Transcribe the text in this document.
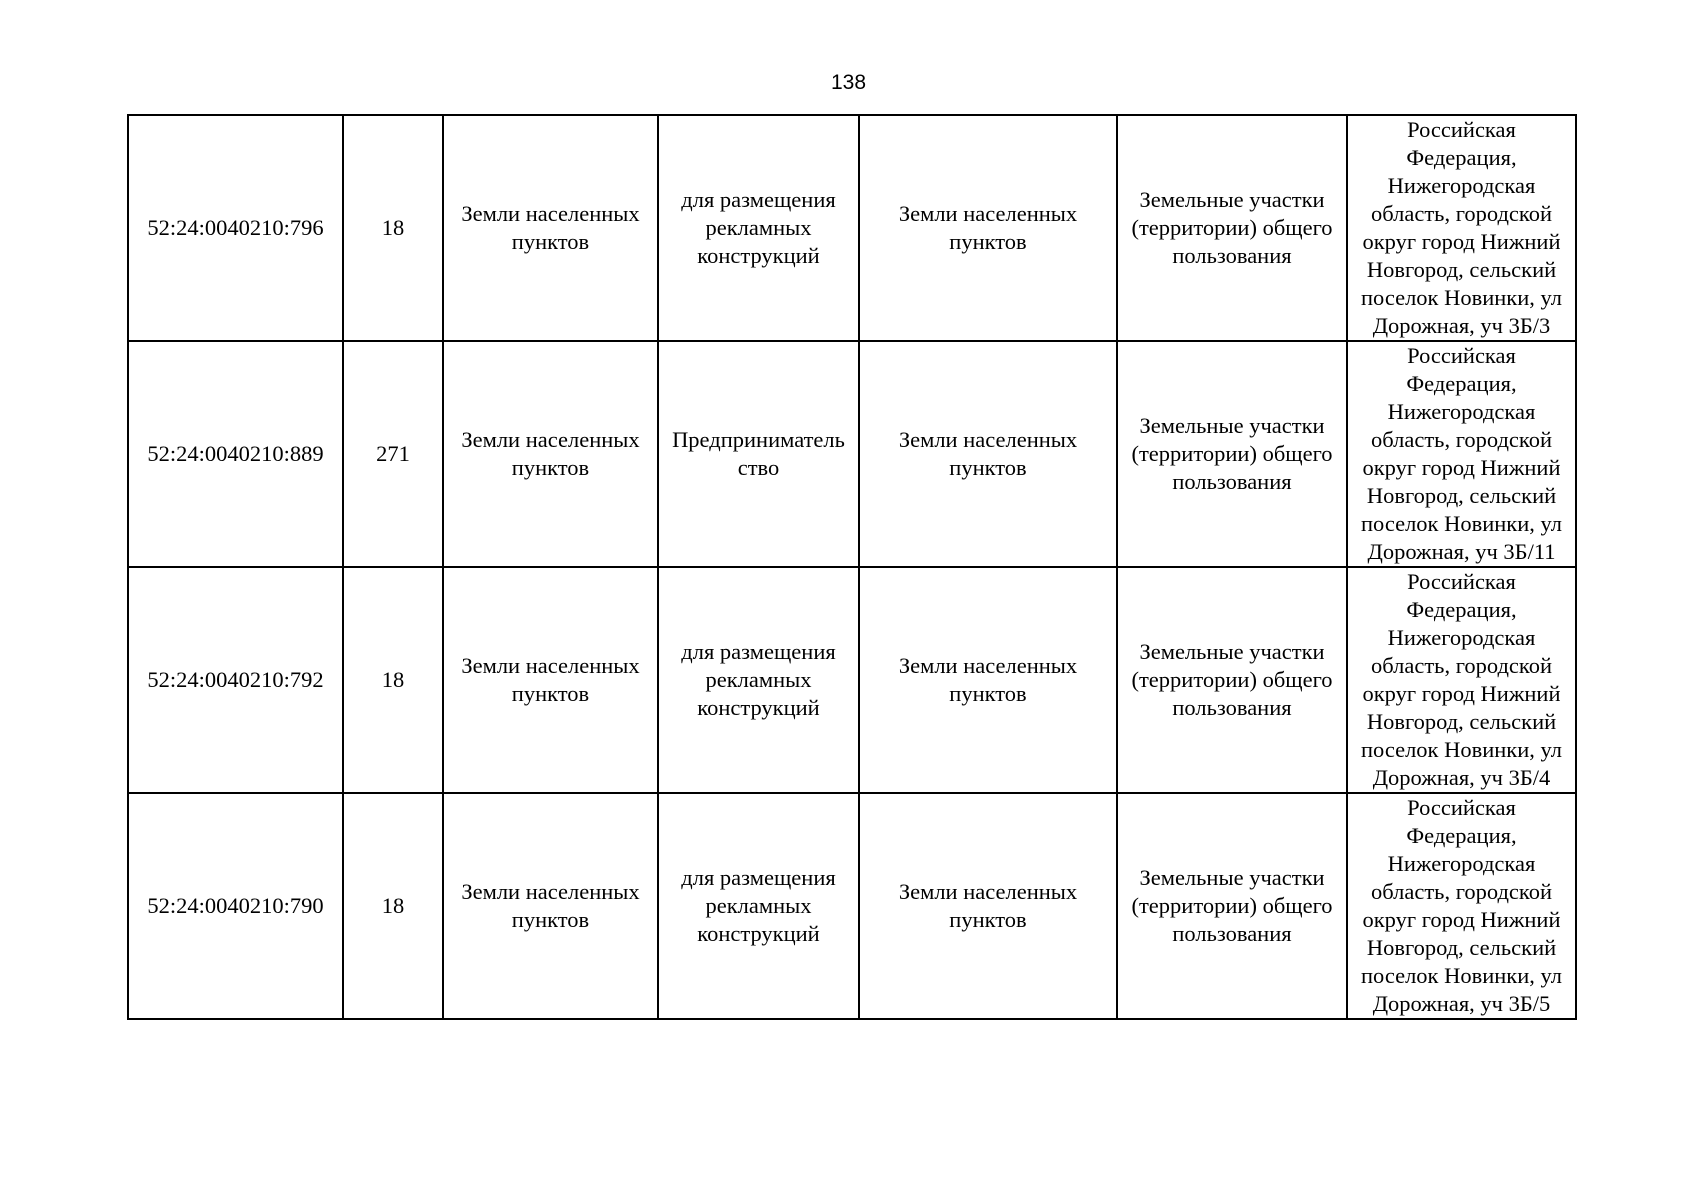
138
52:24:0040210:796	18	Земли населенных пунктов	для размещения рекламных конструкций	Земли населенных пунктов	Земельные участки (территории) общего пользования	Российская Федерация, Нижегородская область, городской округ город Нижний Новгород, сельский поселок Новинки, ул Дорожная, уч 3Б/3
52:24:0040210:889	271	Земли населенных пунктов	Предприниматель ство	Земли населенных пунктов	Земельные участки (территории) общего пользования	Российская Федерация, Нижегородская область, городской округ город Нижний Новгород, сельский поселок Новинки, ул Дорожная, уч 3Б/11
52:24:0040210:792	18	Земли населенных пунктов	для размещения рекламных конструкций	Земли населенных пунктов	Земельные участки (территории) общего пользования	Российская Федерация, Нижегородская область, городской округ город Нижний Новгород, сельский поселок Новинки, ул Дорожная, уч 3Б/4
52:24:0040210:790	18	Земли населенных пунктов	для размещения рекламных конструкций	Земли населенных пунктов	Земельные участки (территории) общего пользования	Российская Федерация, Нижегородская область, городской округ город Нижний Новгород, сельский поселок Новинки, ул Дорожная, уч 3Б/5
